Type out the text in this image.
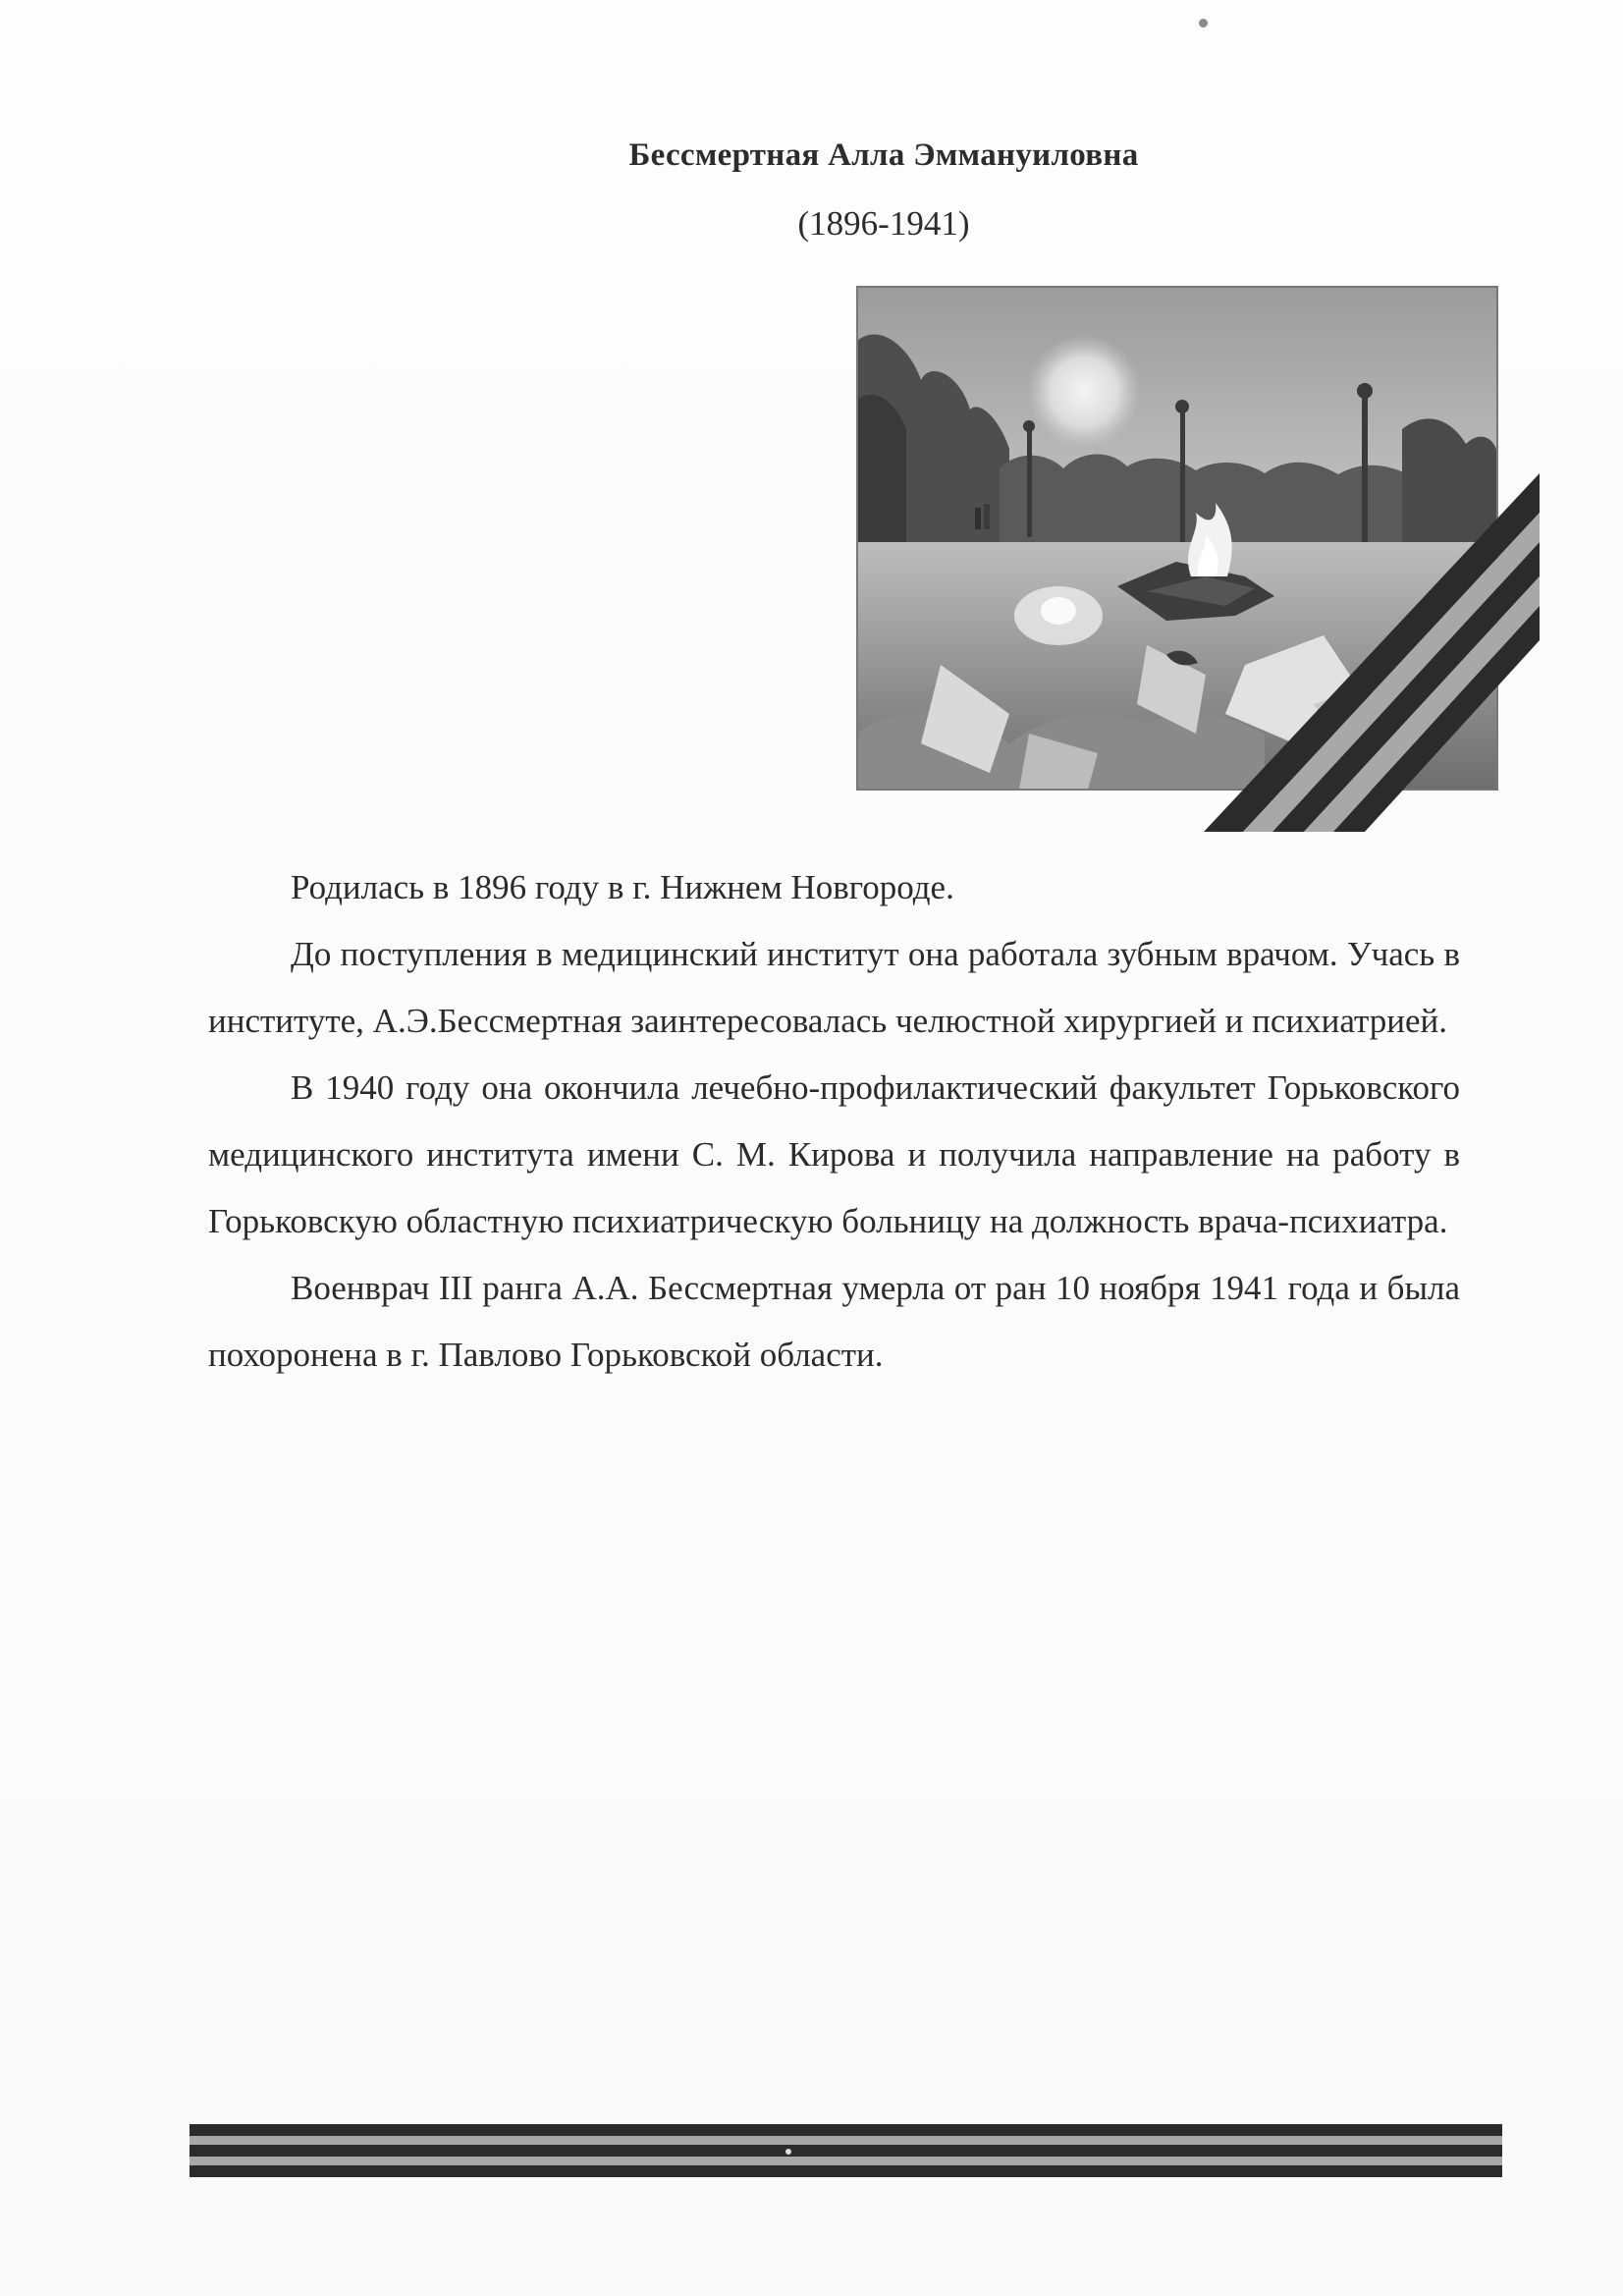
Бессмертная Алла Эммануиловна
(1896-1941)

Родилась в 1896 году в г. Нижнем Новгороде.

До поступления в медицинский институт она работала зубным врачом. Учась в институте, А.Э.Бессмертная заинтересовалась челюстной хирургией и психиатрией.

В 1940 году она окончила лечебно-профилактический факультет Горьковского медицинского института имени С. М. Кирова и получила направление на работу в Горьковскую областную психиатрическую больницу на должность врача-психиатра.

Военврач III ранга А.А. Бессмертная умерла от ран 10 ноября 1941 года и была похоронена в г. Павлово Горьковской области.
